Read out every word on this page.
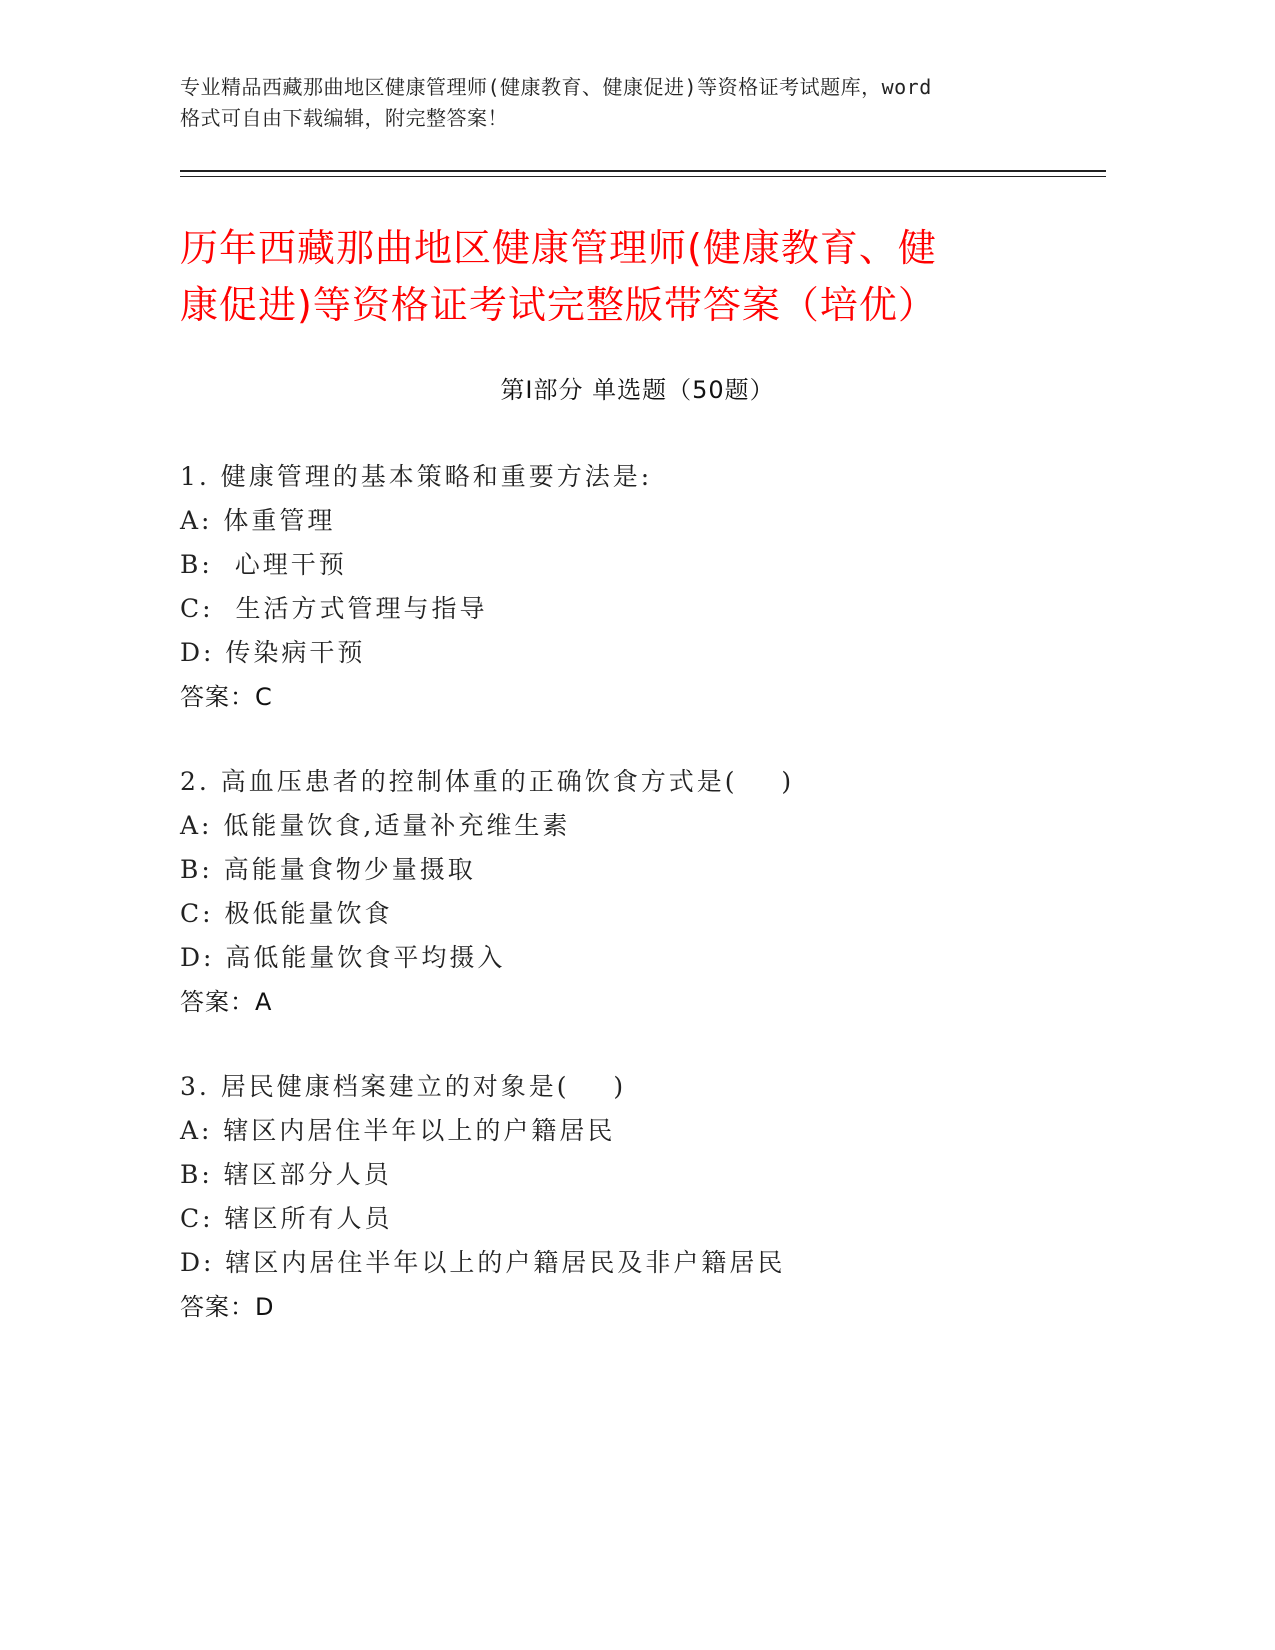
专业精品西藏那曲地区健康管理师(健康教育、健康促进)等资格证考试题库，word
格式可自由下载编辑，附完整答案！
历年西藏那曲地区健康管理师(健康教育、健
康促进)等资格证考试完整版带答案（培优）
第Ⅰ部分 单选题（50题）
1. 健康管理的基本策略和重要方法是:
A: 体重管理
B:  心理干预
C:  生活方式管理与指导
D: 传染病干预
答案：C
2. 高血压患者的控制体重的正确饮食方式是(    )
A: 低能量饮食,适量补充维生素
B: 高能量食物少量摄取
C: 极低能量饮食
D: 高低能量饮食平均摄入
答案：A
3. 居民健康档案建立的对象是(    )
A: 辖区内居住半年以上的户籍居民
B: 辖区部分人员
C: 辖区所有人员
D: 辖区内居住半年以上的户籍居民及非户籍居民
答案：D
